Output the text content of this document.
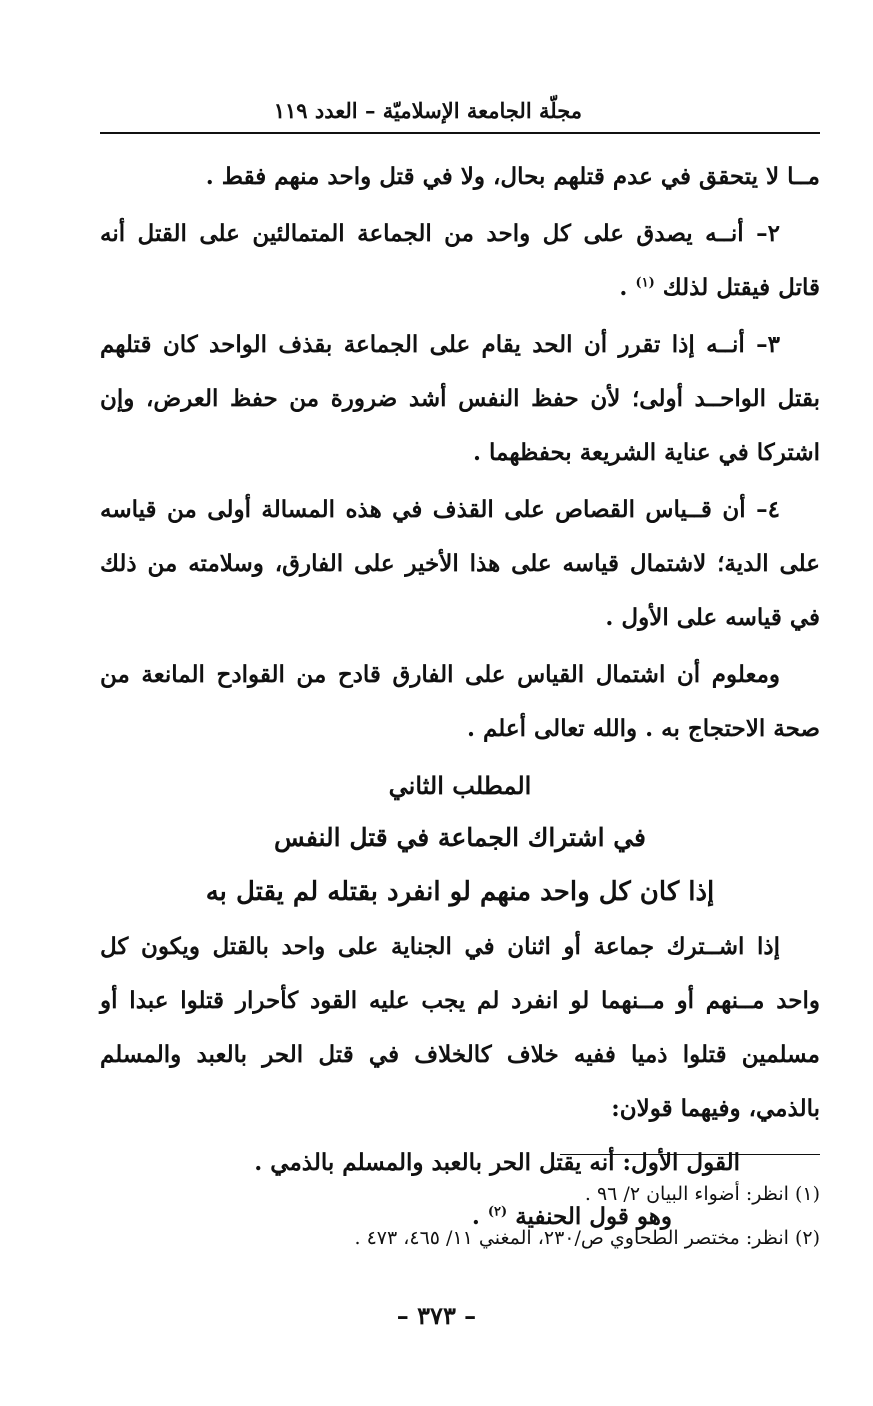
مجلّة الجامعة الإسلاميّة – العدد ١١٩

مــا لا يتحقق في عدم قتلهم بحال، ولا في قتل واحد منهم فقط .

٢– أنــه يصدق على كل واحد من الجماعة المتمالئين على القتل أنه قاتل فيقتل لذلك $^{(١)}$ .

٣– أنــه إذا تقرر أن الحد يقام على الجماعة بقذف الواحد كان قتلهم بقتل الواحــد أولى؛ لأن حفظ النفس أشد ضرورة من حفظ العرض، وإن اشتركا في عناية الشريعة بحفظهما .

٤– أن قــياس القصاص على القذف في هذه المسالة أولى من قياسه على الدية؛ لاشتمال قياسه على هذا الأخير على الفارق، وسلامته من ذلك في قياسه على الأول .

ومعلوم أن اشتمال القياس على الفارق قادح من القوادح المانعة من صحة الاحتجاج به . والله تعالى أعلم .

المطلب الثاني

في اشتراك الجماعة في قتل النفس

إذا كان كل واحد منهم لو انفرد بقتله لم يقتل به

إذا اشــترك جماعة أو اثنان في الجناية على واحد بالقتل ويكون كل واحد مــنهم أو مــنهما لو انفرد لم يجب عليه القود كأحرار قتلوا عبدا أو مسلمين قتلوا ذميا ففيه خلاف كالخلاف في قتل الحر بالعبد والمسلم بالذمي، وفيهما قولان:

القول الأول: أنه يقتل الحر بالعبد والمسلم بالذمي .

وهو قول الحنفية $^{(٢)}$ .

(١) انظر: أضواء البيان ٢/ ٩٦ .

(٢) انظر: مختصر الطحاوي ص/٢٣٠، المغني ١١/ ٤٦٥، ٤٧٣ .

– ٣٧٣ –
